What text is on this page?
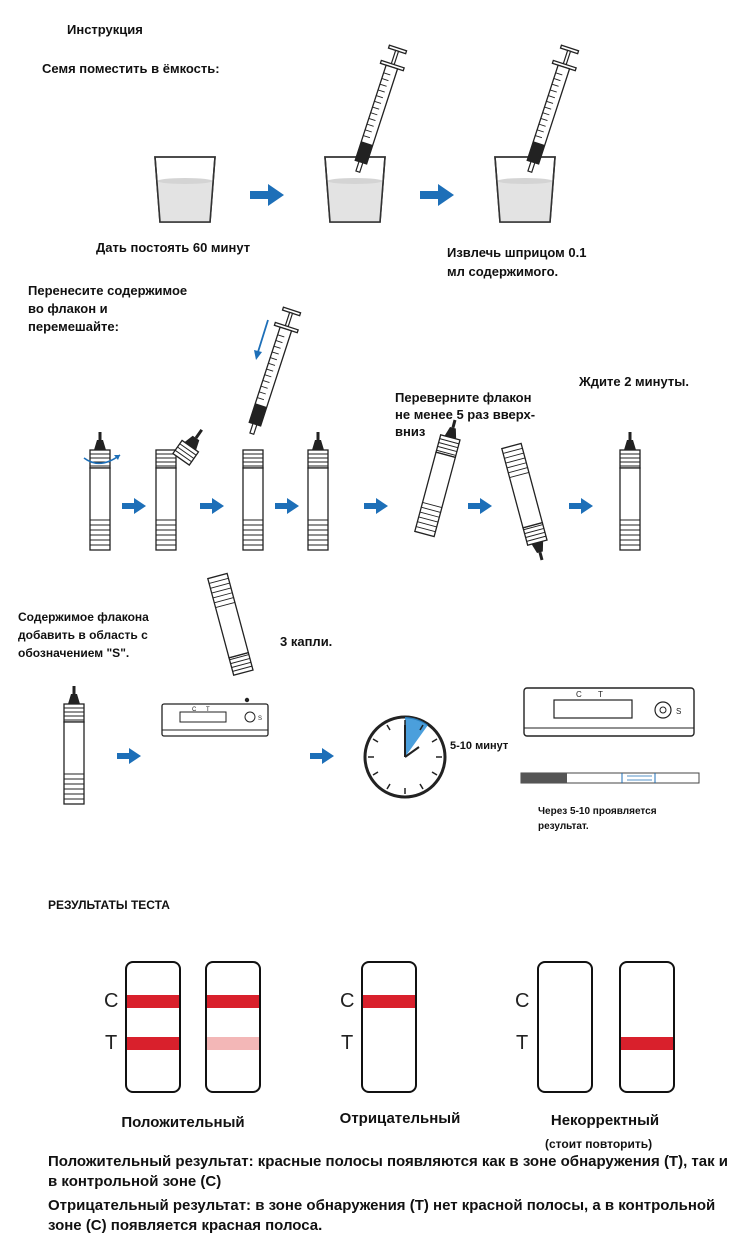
Инструкция
Семя поместить в ёмкость:
Дать постоять 60 минут	Извлечь шприцом 0.1
мл содержимого.
Перенесите содержимое
во флакон и
перемешайте:
Переверните флакон
не менее 5 раз вверх-
вниз
Ждите 2 минуты.
Содержимое флакона
добавить в область с
обозначением "S".
3 капли.
5-10 минут
Через 5-10 проявляется
результат.
РЕЗУЛЬТАТЫ ТЕСТА
C
T
C
T
C
T
Положительный	Отрицательный	Некорректный
(стоит повторить)
Положительный результат: красные полосы появляются как в зоне обнаружения (T), так и в контрольной зоне (C)
Отрицательный результат: в зоне обнаружения (T) нет красной полосы, а в контрольной зоне (C) появляется красная полоса.
C T
S
C T
S
